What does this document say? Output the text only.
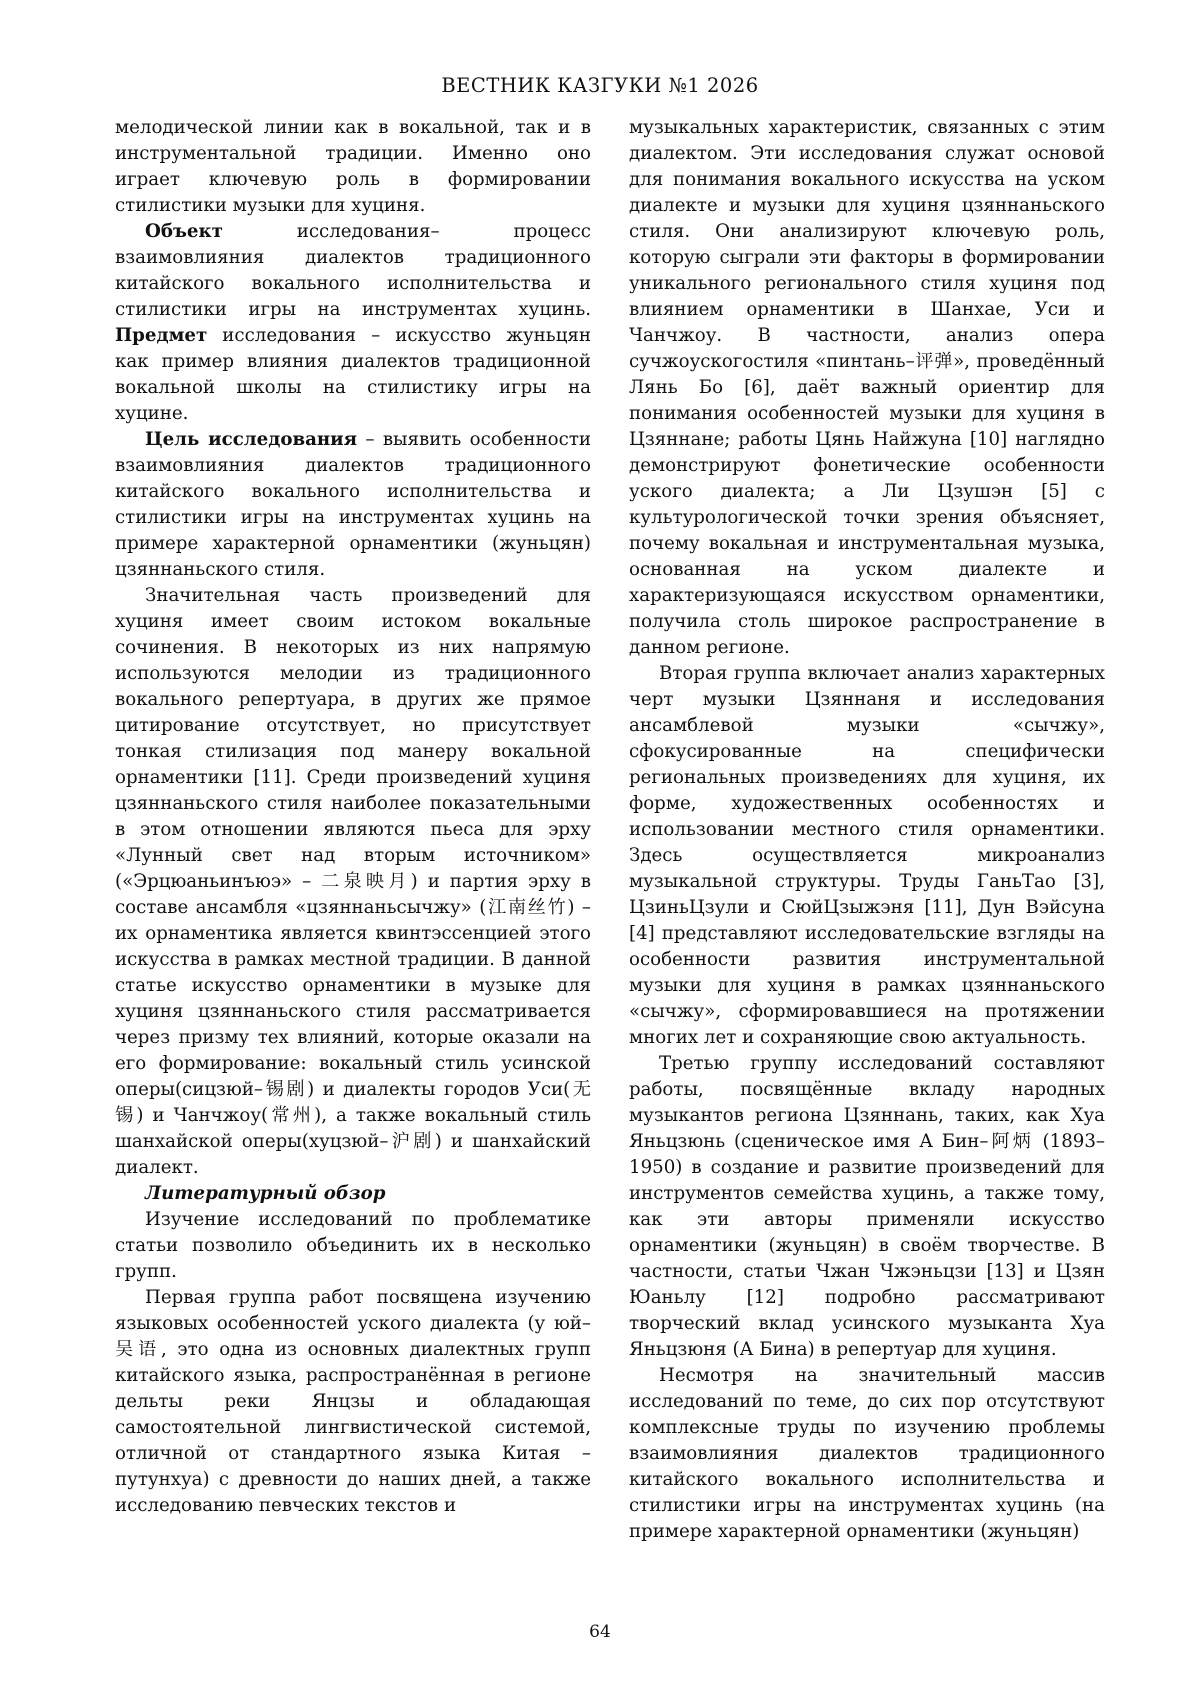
ВЕСТНИК КАЗГУКИ №1 2026

мелодической линии как в вокальной, так и в инструментальной традиции. Именно оно играет ключевую роль в формировании стилистики музыки для хуциня.

Объект исследования– процесс взаимовлияния диалектов традиционного китайского вокального исполнительства и стилистики игры на инструментах хуцинь. Предмет исследования – искусство жуньцян как пример влияния диалектов традиционной вокальной школы на стилистику игры на хуцине.

Цель исследования – выявить особенности взаимовлияния диалектов традиционного китайского вокального исполнительства и стилистики игры на инструментах хуцинь на примере характерной орнаментики (жуньцян) цзяннаньского стиля.

Значительная часть произведений для хуциня имеет своим истоком вокальные сочинения. В некоторых из них напрямую используются мелодии из традиционного вокального репертуара, в других же прямое цитирование отсутствует, но присутствует тонкая стилизация под манеру вокальной орнаментики [11]. Среди произведений хуциня цзяннаньского стиля наиболее показательными в этом отношении являются пьеса для эрху «Лунный свет над вторым источником» («Эрцюаньинъюэ» – 二泉映月) и партия эрху в составе ансамбля «цзяннаньсычжу» (江南丝竹) – их орнаментика является квинтэссенцией этого искусства в рамках местной традиции. В данной статье искусство орнаментики в музыке для хуциня цзяннаньского стиля рассматривается через призму тех влияний, которые оказали на его формирование: вокальный стиль усинской оперы(сицзюй–锡剧) и диалекты городов Уси(无锡) и Чанчжоу(常州), а также вокальный стиль шанхайской оперы(хуцзюй–沪剧) и шанхайский диалект.

Литературный обзор

Изучение исследований по проблематике статьи позволило объединить их в несколько групп.

Первая группа работ посвящена изучению языковых особенностей уского диалекта (у юй–吴语, это одна из основных диалектных групп китайского языка, распространённая в регионе дельты реки Янцзы и обладающая самостоятельной лингвистической системой, отличной от стандартного языка Китая – путунхуа) с древности до наших дней, а также исследованию певческих текстов и

музыкальных характеристик, связанных с этим диалектом. Эти исследования служат основой для понимания вокального искусства на уском диалекте и музыки для хуциня цзяннаньского стиля. Они анализируют ключевую роль, которую сыграли эти факторы в формировании уникального регионального стиля хуциня под влиянием орнаментики в Шанхае, Уси и Чанчжоу. В частности, анализ опера сучжоускогостиля «пинтань–评弹», проведённый Лянь Бо [6], даёт важный ориентир для понимания особенностей музыки для хуциня в Цзяннане; работы Цянь Найжуна [10] наглядно демонстрируют фонетические особенности уского диалекта; а Ли Цзушэн [5] с культурологической точки зрения объясняет, почему вокальная и инструментальная музыка, основанная на уском диалекте и характеризующаяся искусством орнаментики, получила столь широкое распространение в данном регионе.

Вторая группа включает анализ характерных черт музыки Цзяннаня и исследования ансамблевой музыки «сычжу», сфокусированные на специфически региональных произведениях для хуциня, их форме, художественных особенностях и использовании местного стиля орнаментики. Здесь осуществляется микроанализ музыкальной структуры. Труды ГаньТао [3], ЦзиньЦзули и СюйЦзыжэня [11], Дун Вэйсуна [4] представляют исследовательские взгляды на особенности развития инструментальной музыки для хуциня в рамках цзяннаньского «сычжу», сформировавшиеся на протяжении многих лет и сохраняющие свою актуальность.

Третью группу исследований составляют работы, посвящённые вкладу народных музыкантов региона Цзяннань, таких, как Хуа Яньцзюнь (сценическое имя А Бин–阿炳 (1893–1950) в создание и развитие произведений для инструментов семейства хуцинь, а также тому, как эти авторы применяли искусство орнаментики (жуньцян) в своём творчестве. В частности, статьи Чжан Чжэньцзи [13] и Цзян Юаньлу [12] подробно рассматривают творческий вклад усинского музыканта Хуа Яньцзюня (А Бина) в репертуар для хуциня.

Несмотря на значительный массив исследований по теме, до сих пор отсутствуют комплексные труды по изучению проблемы взаимовлияния диалектов традиционного китайского вокального исполнительства и стилистики игры на инструментах хуцинь (на примере характерной орнаментики (жуньцян)

64
